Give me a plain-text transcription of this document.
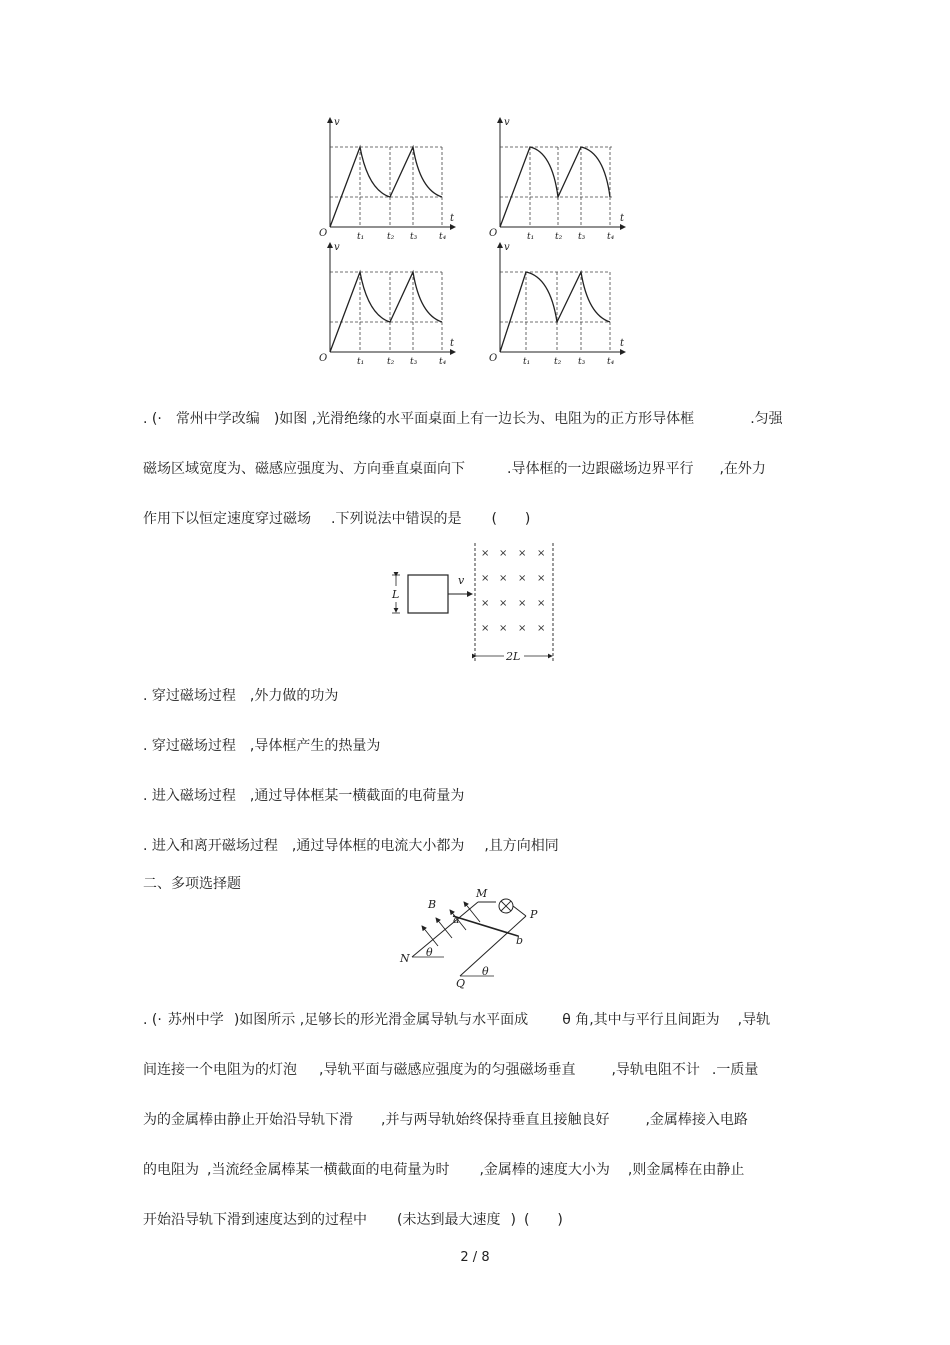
v
t
O	t₁	t₂ t₃ t₄
v
t
O	t₁ t₂ t₃ t₄
v
t
O	t₁	t₂ t₃ t₄
v
t
O	t₁	t₂ t₃ t₄
. (· 常州中学改编 )如图 ,光滑绝缘的水平面桌面上有一边长为、电阻为的正方形导体框	.匀强
磁场区域宽度为、磁感应强度为、方向垂直桌面向下	.导体框的一边跟磁场边界平行 ,在外力
作用下以恒定速度穿过磁场 .下列说法中错误的是 ( )
L
v
× × × ×
× × × ×
× × × ×
× × × ×
2L
. 穿过磁场过程 ,外力做的功为
. 穿过磁场过程 ,导体框产生的热量为
. 进入磁场过程 ,通过导体框某一横截面的电荷量为
. 进入和离开磁场过程 ,通过导体框的电流大小都为 ,且方向相同
二、多项选择题
B
a
M
P
b
N
Q
θ
θ
. (· 苏州中学 )如图所示 ,足够长的形光滑金属导轨与水平面成 θ 角,其中与平行且间距为 ,导轨
间连接一个电阻为的灯泡 ,导轨平面与磁感应强度为的匀强磁场垂直	,导轨电阻不计 .一质量
为的金属棒由静止开始沿导轨下滑 ,并与两导轨始终保持垂直且接触良好	,金属棒接入电路
的电阻为 ,当流经金属棒某一横截面的电荷量为时 ,金属棒的速度大小为 ,则金属棒在由静止
开始沿导轨下滑到速度达到的过程中 (未达到最大速度 ) ( )
2 / 8
